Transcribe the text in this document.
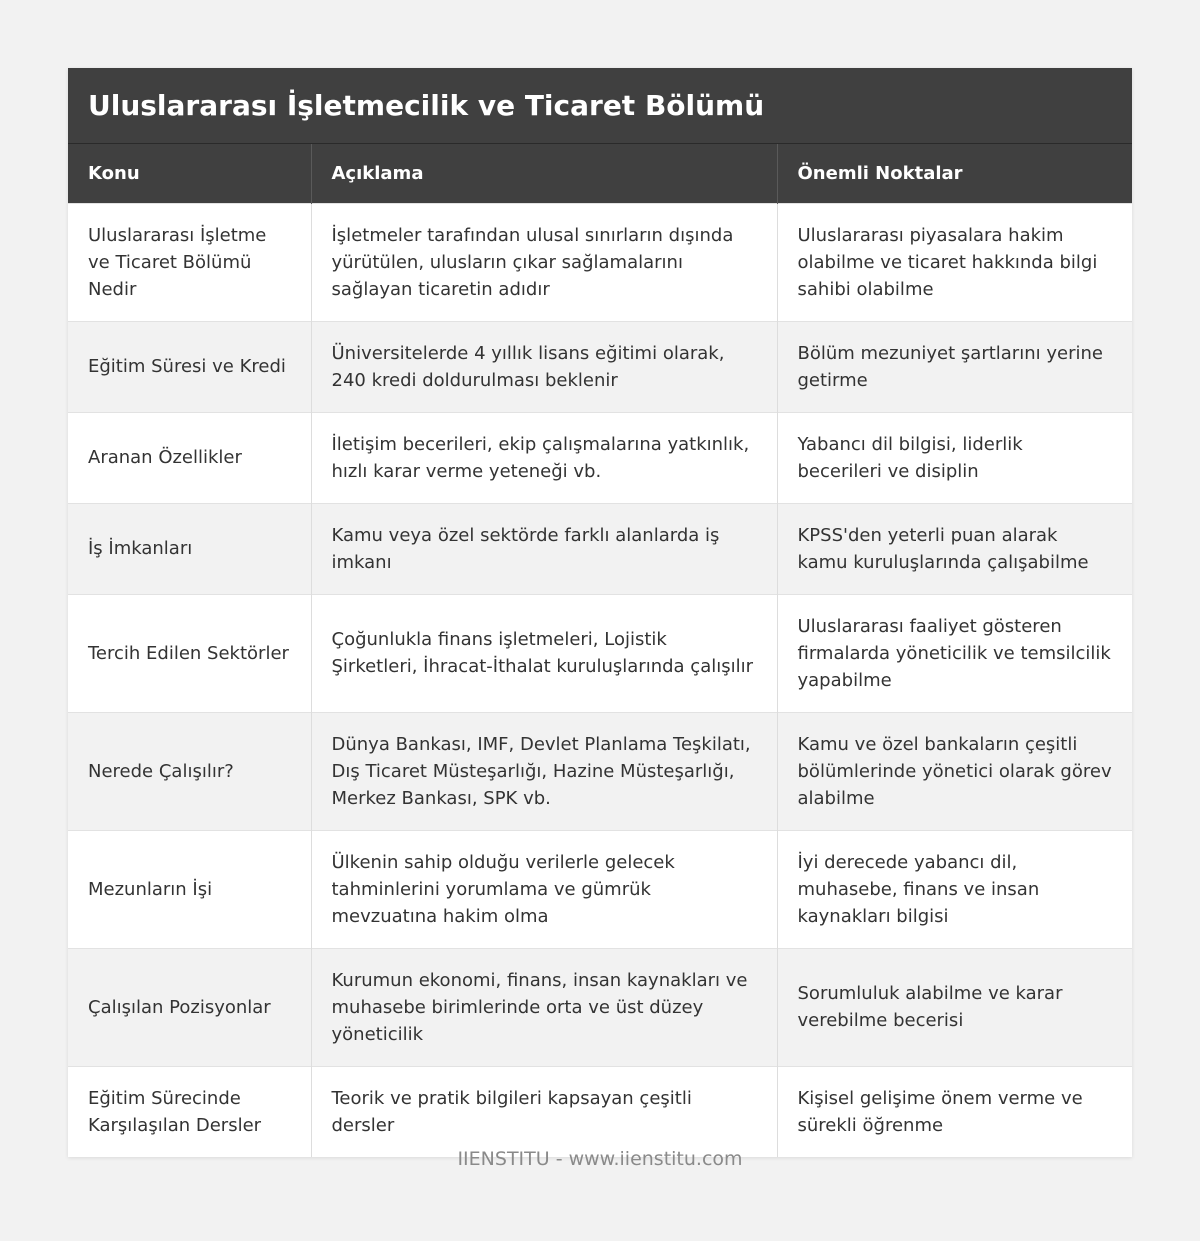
Uluslararası İşletmecilik ve Ticaret Bölümü
Konu	Açıklama	Önemli Noktalar
Uluslararası İşletme ve Ticaret Bölümü Nedir	İşletmeler tarafından ulusal sınırların dışında yürütülen, ulusların çıkar sağlamalarını sağlayan ticaretin adıdır	Uluslararası piyasalara hakim olabilme ve ticaret hakkında bilgi sahibi olabilme
Eğitim Süresi ve Kredi	Üniversitelerde 4 yıllık lisans eğitimi olarak, 240 kredi doldurulması beklenir	Bölüm mezuniyet şartlarını yerine getirme
Aranan Özellikler	İletişim becerileri, ekip çalışmalarına yatkınlık, hızlı karar verme yeteneği vb.	Yabancı dil bilgisi, liderlik becerileri ve disiplin
İş İmkanları	Kamu veya özel sektörde farklı alanlarda iş imkanı	KPSS'den yeterli puan alarak kamu kuruluşlarında çalışabilme
Tercih Edilen Sektörler	Çoğunlukla finans işletmeleri, Lojistik Şirketleri, İhracat-İthalat kuruluşlarında çalışılır	Uluslararası faaliyet gösteren firmalarda yöneticilik ve temsilcilik yapabilme
Nerede Çalışılır?	Dünya Bankası, IMF, Devlet Planlama Teşkilatı, Dış Ticaret Müsteşarlığı, Hazine Müsteşarlığı, Merkez Bankası, SPK vb.	Kamu ve özel bankaların çeşitli bölümlerinde yönetici olarak görev alabilme
Mezunların İşi	Ülkenin sahip olduğu verilerle gelecek tahminlerini yorumlama ve gümrük mevzuatına hakim olma	İyi derecede yabancı dil, muhasebe, finans ve insan kaynakları bilgisi
Çalışılan Pozisyonlar	Kurumun ekonomi, finans, insan kaynakları ve muhasebe birimlerinde orta ve üst düzey yöneticilik	Sorumluluk alabilme ve karar verebilme becerisi
Eğitim Sürecinde Karşılaşılan Dersler	Teorik ve pratik bilgileri kapsayan çeşitli dersler	Kişisel gelişime önem verme ve sürekli öğrenme
IIENSTITU - www.iienstitu.com
